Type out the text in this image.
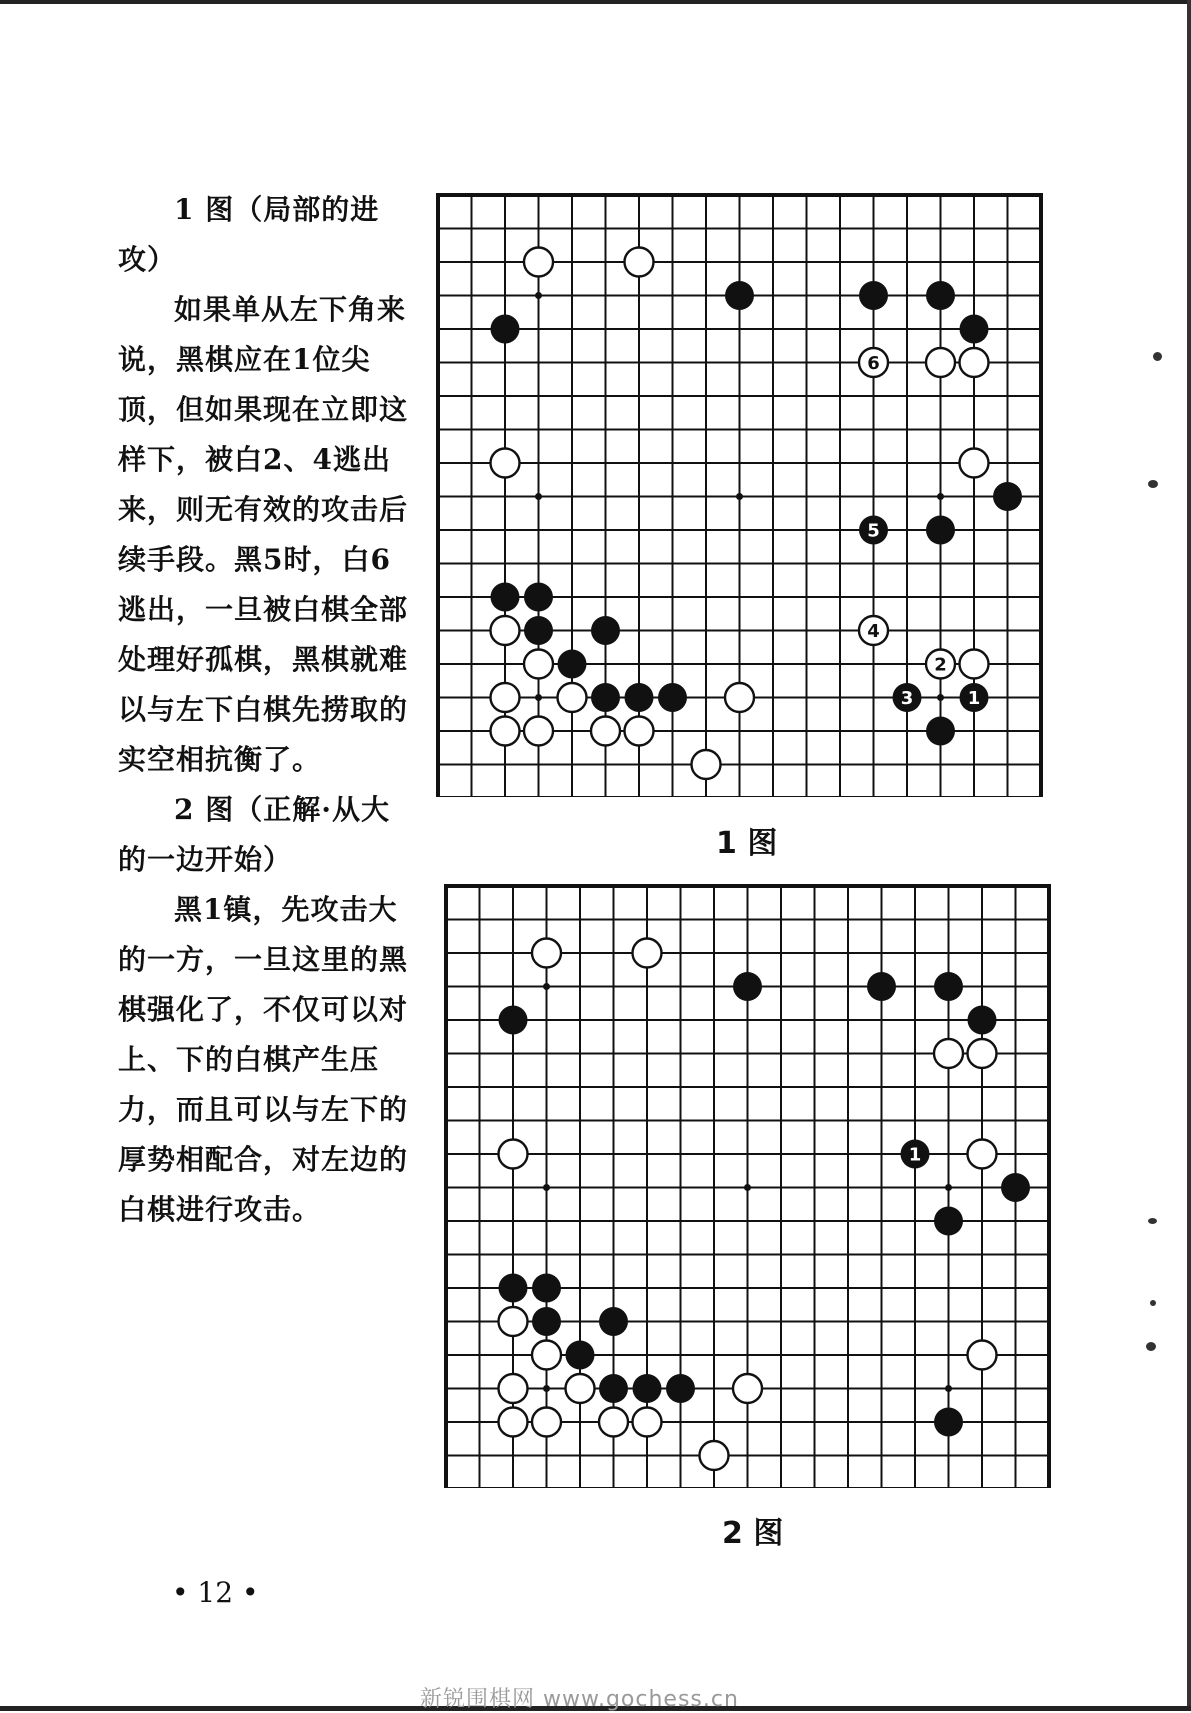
1 图（局部的进攻）

如果单从左下角来说，黑棋应在1位尖顶，但如果现在立即这样下，被白2、4逃出来，则无有效的攻击后续手段。黑5时，白6逃出，一旦被白棋全部处理好孤棋，黑棋就难以与左下白棋先捞取的实空相抗衡了。

2 图（正解·从大的一边开始）

黑1镇，先攻击大的一方，一旦这里的黑棋强化了，不仅可以对上、下的白棋产生压力，而且可以与左下的厚势相配合，对左边的白棋进行攻击。

6
5
4
2
3	1
1 图
1
2 图
• 12 •
新锐围棋网 www.gochess.cn
